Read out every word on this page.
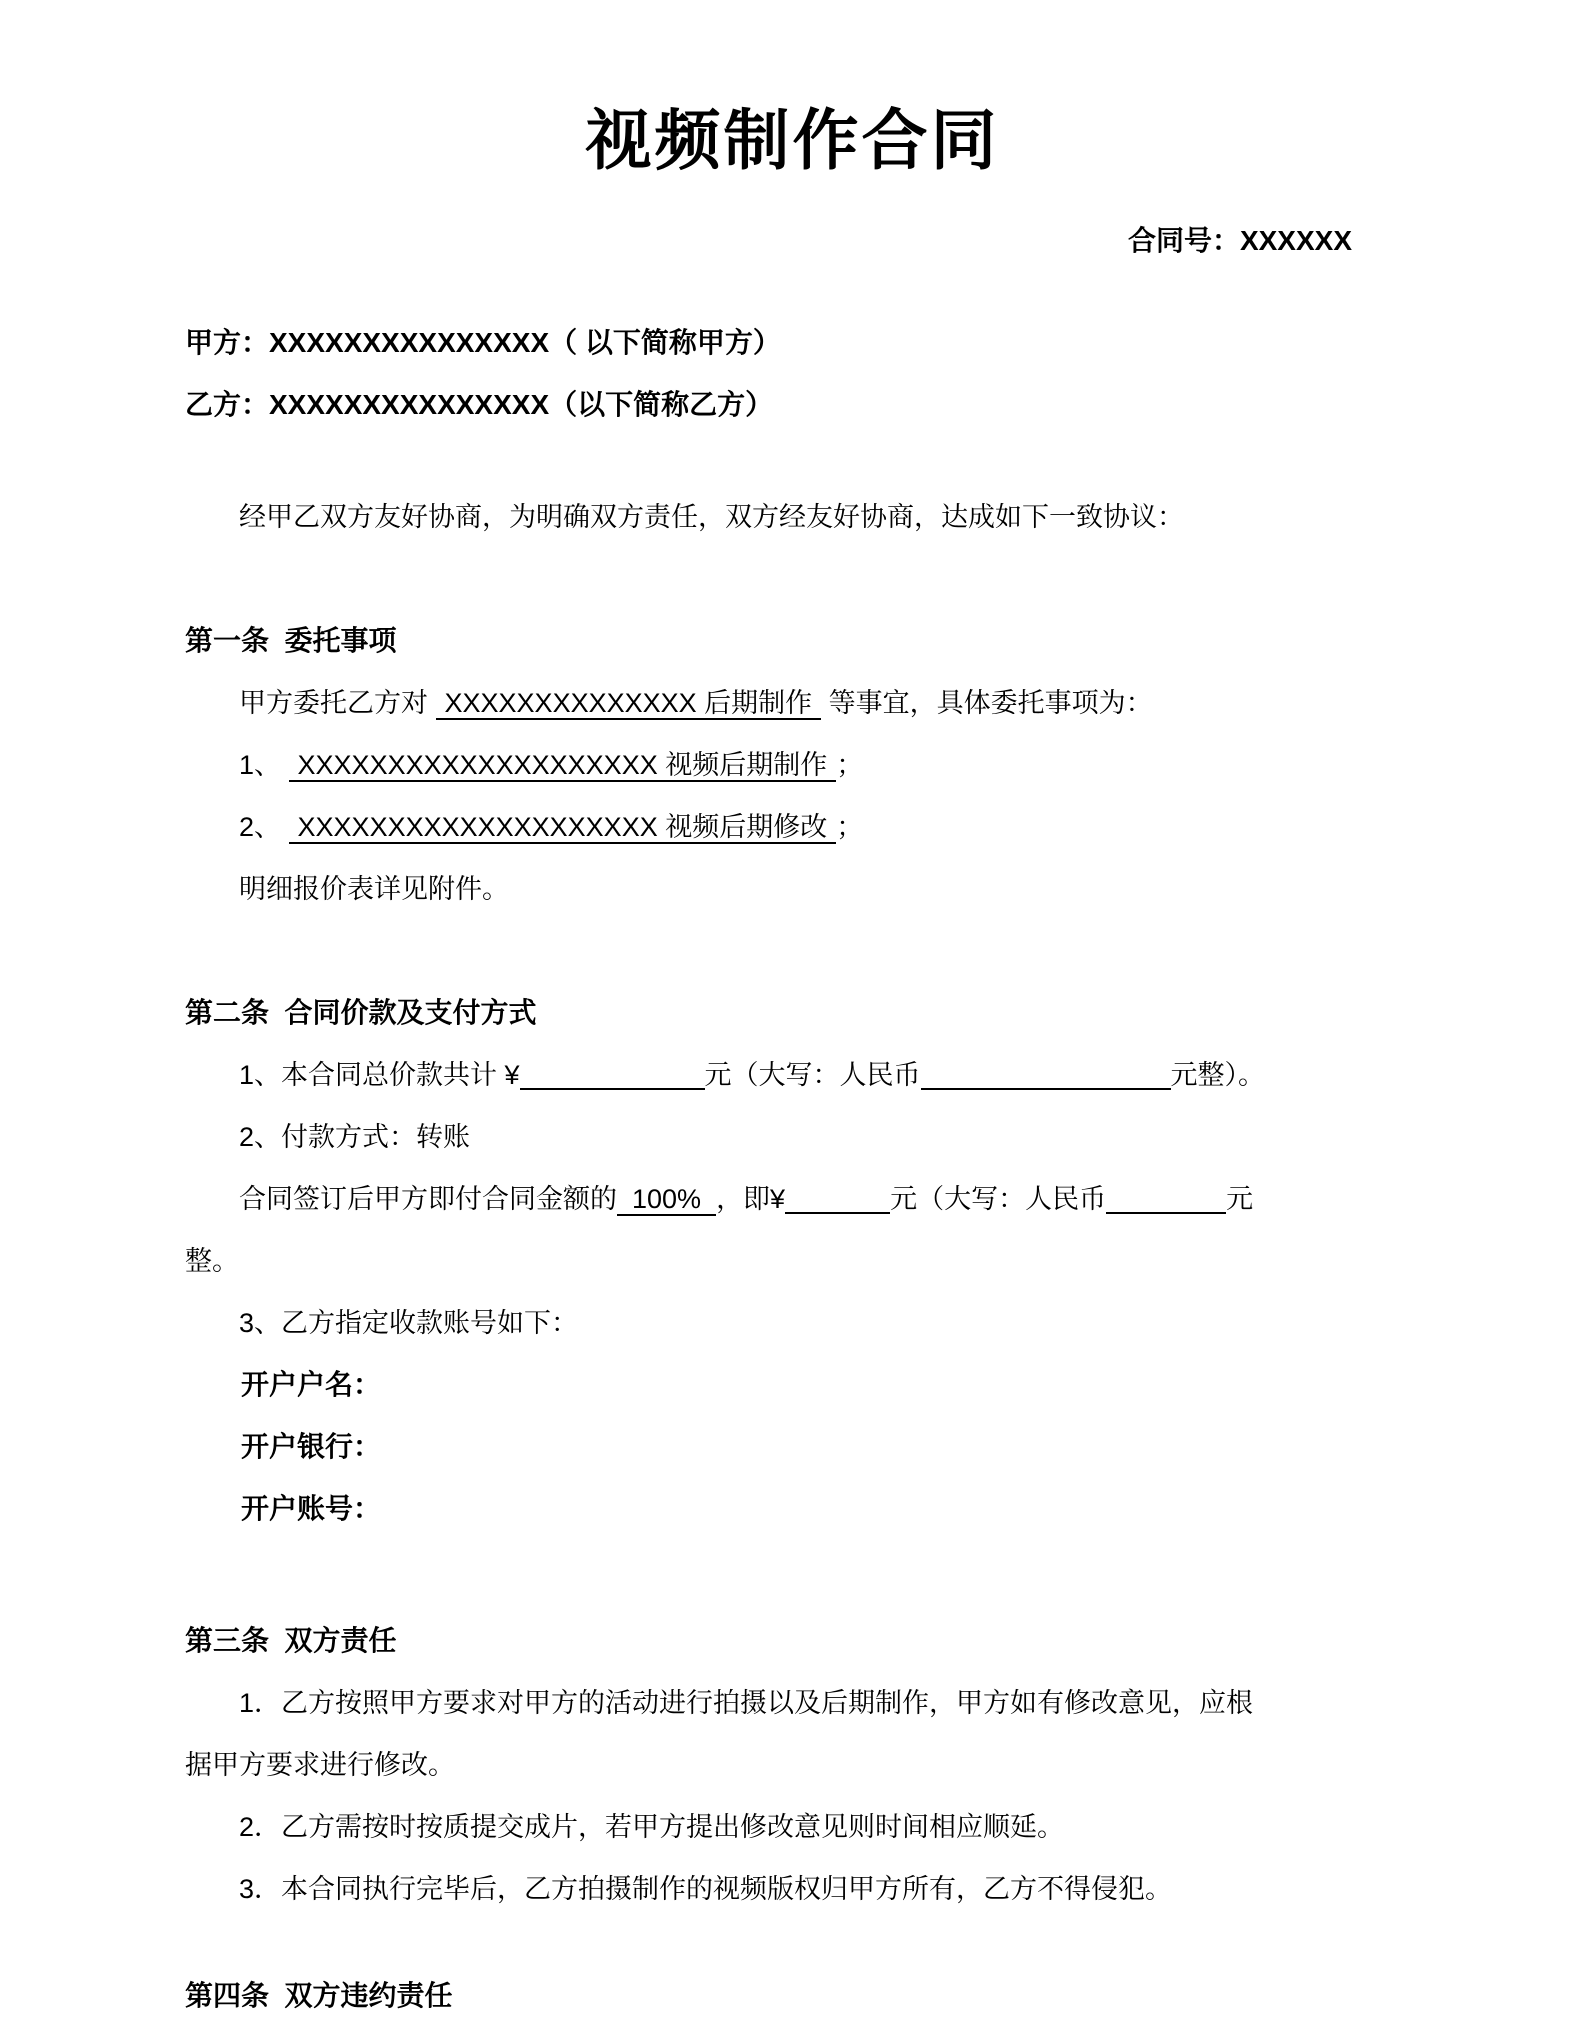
视频制作合同

合同号：XXXXXX

甲方：XXXXXXXXXXXXXXX（ 以下简称甲方）

乙方：XXXXXXXXXXXXXXX（以下简称乙方）

经甲乙双方友好协商，为明确双方责任，双方经友好协商，达成如下一致协议：

第一条  委托事项

甲方委托乙方对 XXXXXXXXXXXXXX 后期制作 等事宜，具体委托事项为：

1、 XXXXXXXXXXXXXXXXXXXX 视频后期制作 ；

2、 XXXXXXXXXXXXXXXXXXXX 视频后期修改 ；

明细报价表详见附件。

第二条  合同价款及支付方式

1、本合同总价款共计 ¥	元（大写：人民币	元整）。

2、付款方式：转账

合同签订后甲方即付合同金额的 100% ，即¥	元（大写：人民币	元

整。

3、乙方指定收款账号如下：

开户户名：

开户银行：

开户账号：

第三条  双方责任

1．乙方按照甲方要求对甲方的活动进行拍摄以及后期制作，甲方如有修改意见，应根

据甲方要求进行修改。

2．乙方需按时按质提交成片，若甲方提出修改意见则时间相应顺延。

3．本合同执行完毕后，乙方拍摄制作的视频版权归甲方所有，乙方不得侵犯。

第四条  双方违约责任
